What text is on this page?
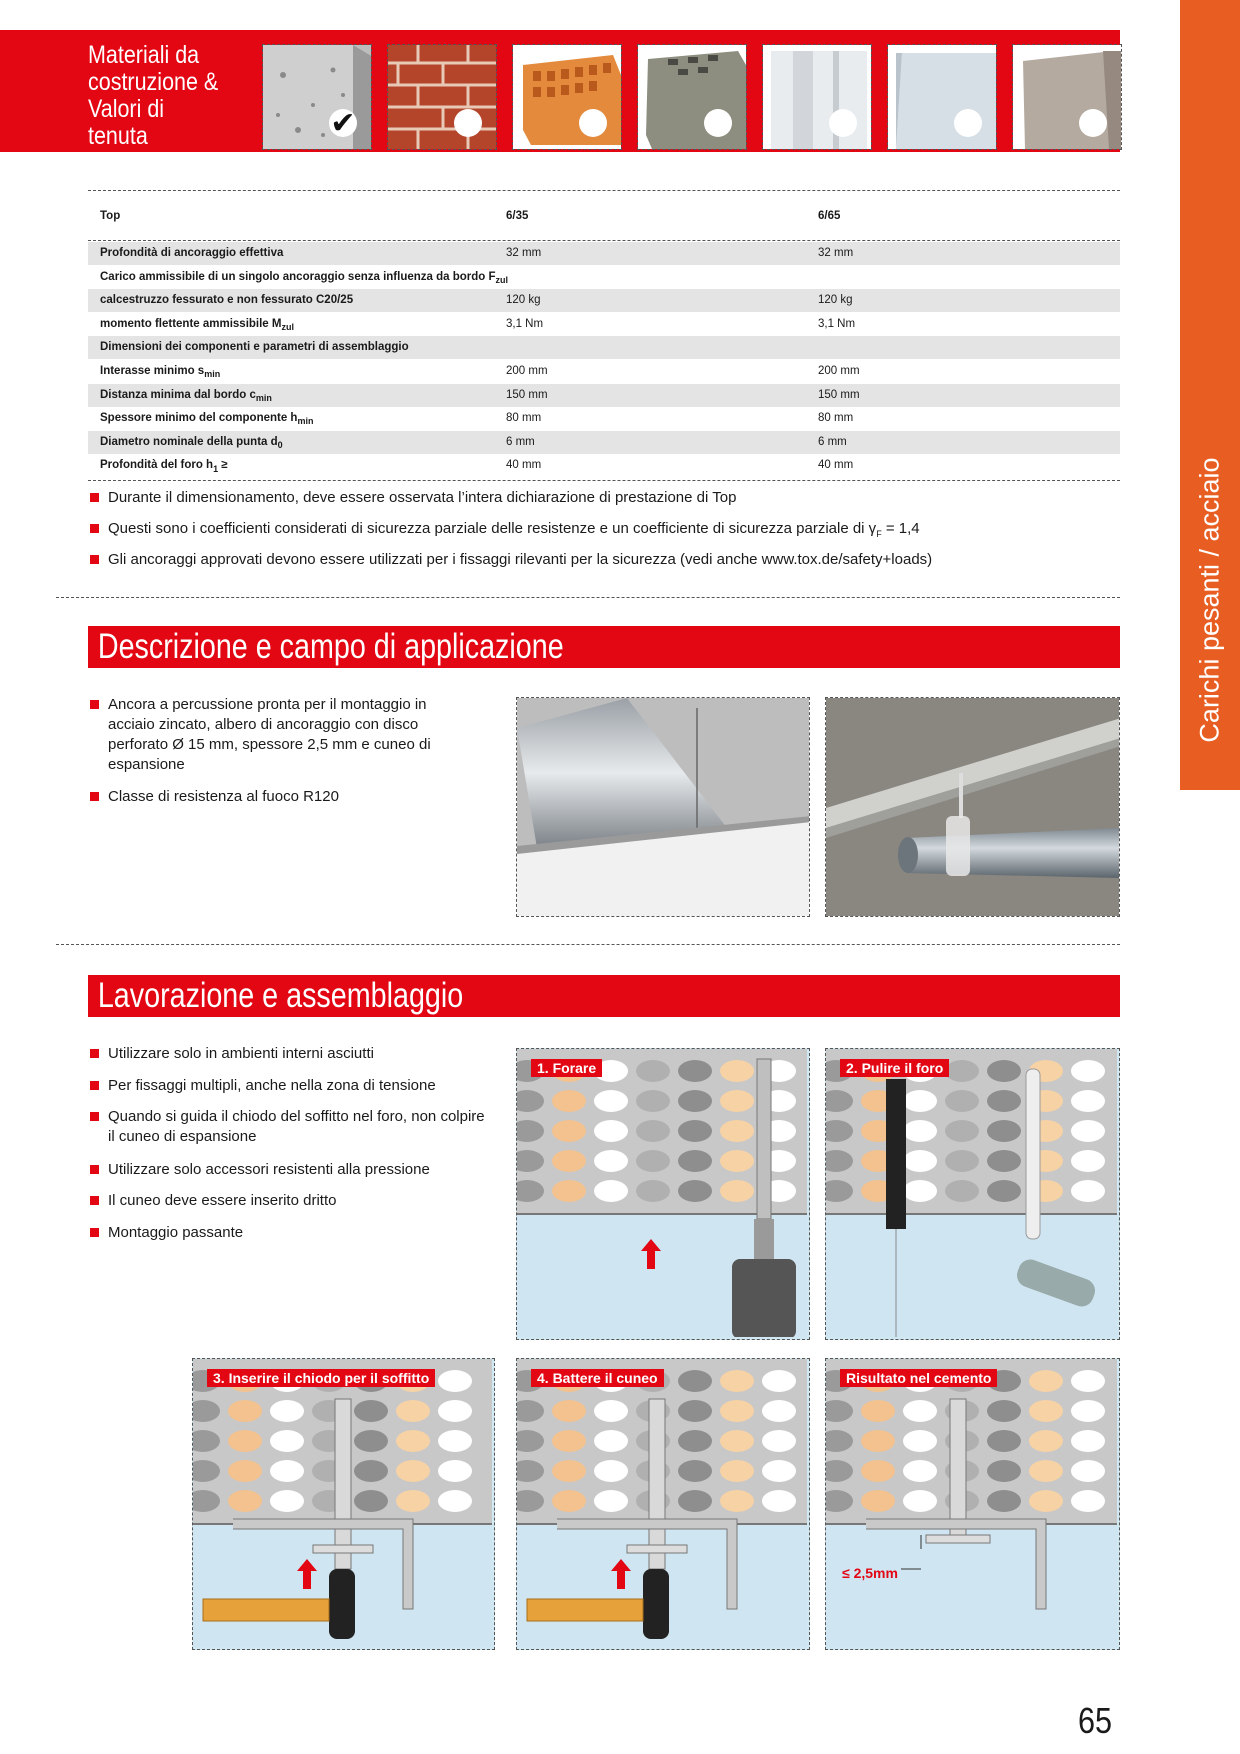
Materiali da
costruzione &
Valori di tenuta	✔
Carichi pesanti / acciaio
Top	6/35	6/65
Profondità di ancoraggio effettiva	32 mm	32 mm
Carico ammissibile di un singolo ancoraggio senza influenza da bordo $F_{zul}$
calcestruzzo fessurato e non fessurato C20/25	120 kg	120 kg
momento flettente ammissibile $M_{zul}$	3,1 Nm	3,1 Nm
Dimensioni dei componenti e parametri di assemblaggio
Interasse minimo $s_{min}$	200 mm	200 mm
Distanza minima dal bordo $c_{min}$	150 mm	150 mm
Spessore minimo del componente $h_{min}$	80 mm	80 mm
Diametro nominale della punta $d_0$	6 mm	6 mm
Profondità del foro $h_1$ ≥	40 mm	40 mm
Durante il dimensionamento, deve essere osservata l’intera dichiarazione di prestazione di Top
Questi sono i coefficienti considerati di sicurezza parziale delle resistenze e un coefficiente di sicurezza parziale di $\gamma_F = 1,4$
Gli ancoraggi approvati devono essere utilizzati per i fissaggi rilevanti per la sicurezza (vedi anche www.tox.de/safety+loads)
Descrizione e campo di applicazione
Ancora a percussione pronta per il montaggio in acciaio zincato, albero di ancoraggio con disco perforato Ø 15 mm, spessore 2,5 mm e cuneo di espansione
Classe di resistenza al fuoco R120
Lavorazione e assemblaggio
Utilizzare solo in ambienti interni asciutti
Per fissaggi multipli, anche nella zona di tensione
Quando si guida il chiodo del soffitto nel foro, non colpire il cuneo di espansione
Utilizzare solo accessori resistenti alla pressione
Il cuneo deve essere inserito dritto
Montaggio passante
1. Forare	2. Pulire il foro
3. Inserire il chiodo per il soffitto	4. Battere il cuneo	Risultato nel cemento
≤ 2,5mm
65
